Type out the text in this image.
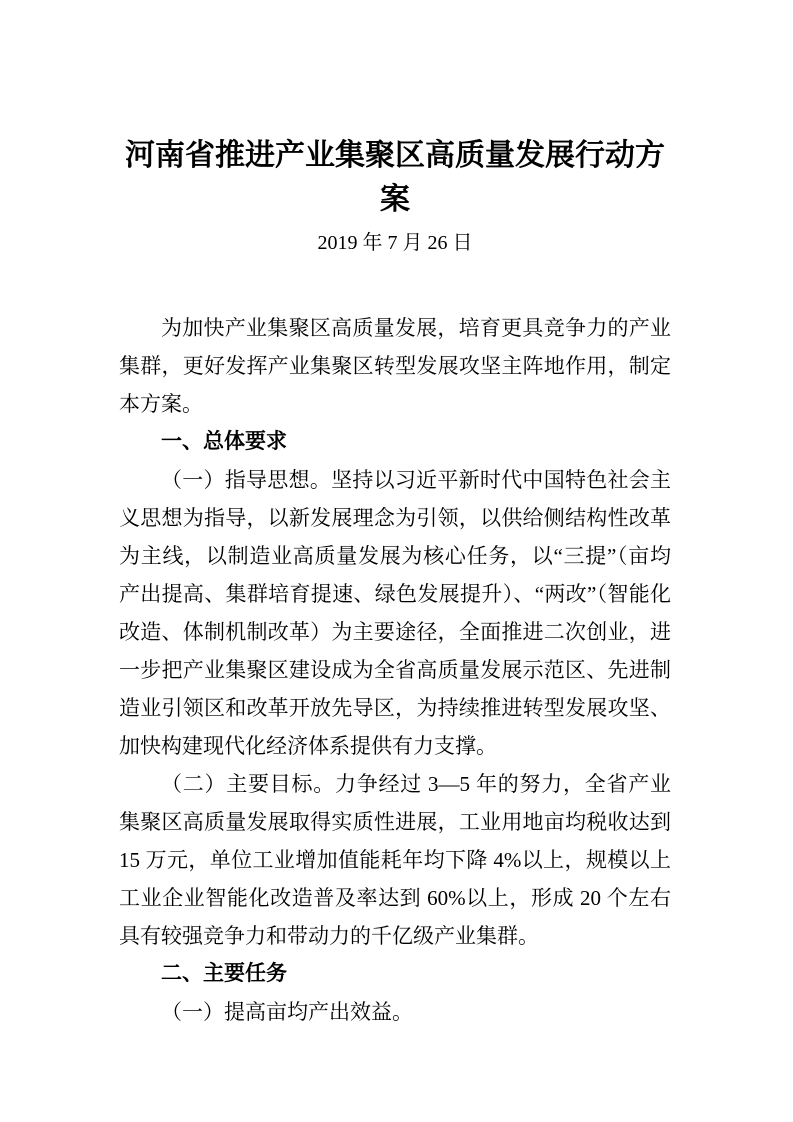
河南省推进产业集聚区高质量发展行动方案

2019 年 7 月 26 日

为加快产业集聚区高质量发展，培育更具竞争力的产业集群，更好发挥产业集聚区转型发展攻坚主阵地作用，制定本方案。

一、总体要求

（一）指导思想。坚持以习近平新时代中国特色社会主义思想为指导，以新发展理念为引领，以供给侧结构性改革为主线，以制造业高质量发展为核心任务，以“三提”（亩均产出提高、集群培育提速、绿色发展提升）、“两改”（智能化改造、体制机制改革）为主要途径，全面推进二次创业，进一步把产业集聚区建设成为全省高质量发展示范区、先进制造业引领区和改革开放先导区，为持续推进转型发展攻坚、加快构建现代化经济体系提供有力支撑。

（二）主要目标。力争经过 3—5 年的努力，全省产业集聚区高质量发展取得实质性进展，工业用地亩均税收达到 15 万元，单位工业增加值能耗年均下降 4%以上，规模以上工业企业智能化改造普及率达到 60%以上，形成 20 个左右具有较强竞争力和带动力的千亿级产业集群。

二、主要任务

（一）提高亩均产出效益。
